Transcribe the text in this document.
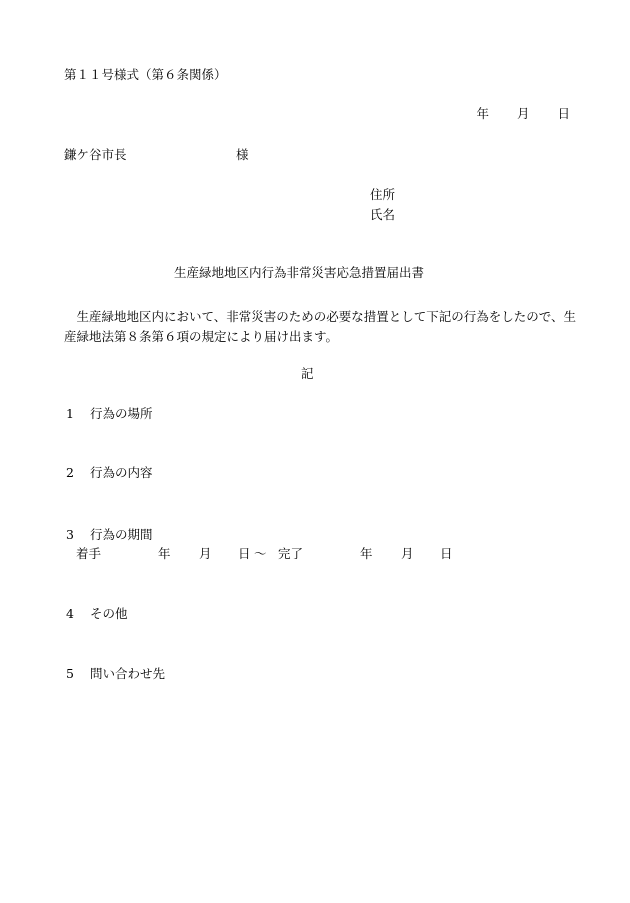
第１１号様式（第６条関係）
年 月 日
鎌ケ谷市長	様
住所
氏名
生産緑地地区内行為非常災害応急措置届出書
　生産緑地地区内において、非常災害のための必要な措置として下記の行為をしたので、生産緑地法第８条第６項の規定により届け出ます。
記
1 行為の場所
2 行為の内容
3 行為の期間
着手	年	月	日 ～ 完了	年	月	日
4 その他
5 問い合わせ先
